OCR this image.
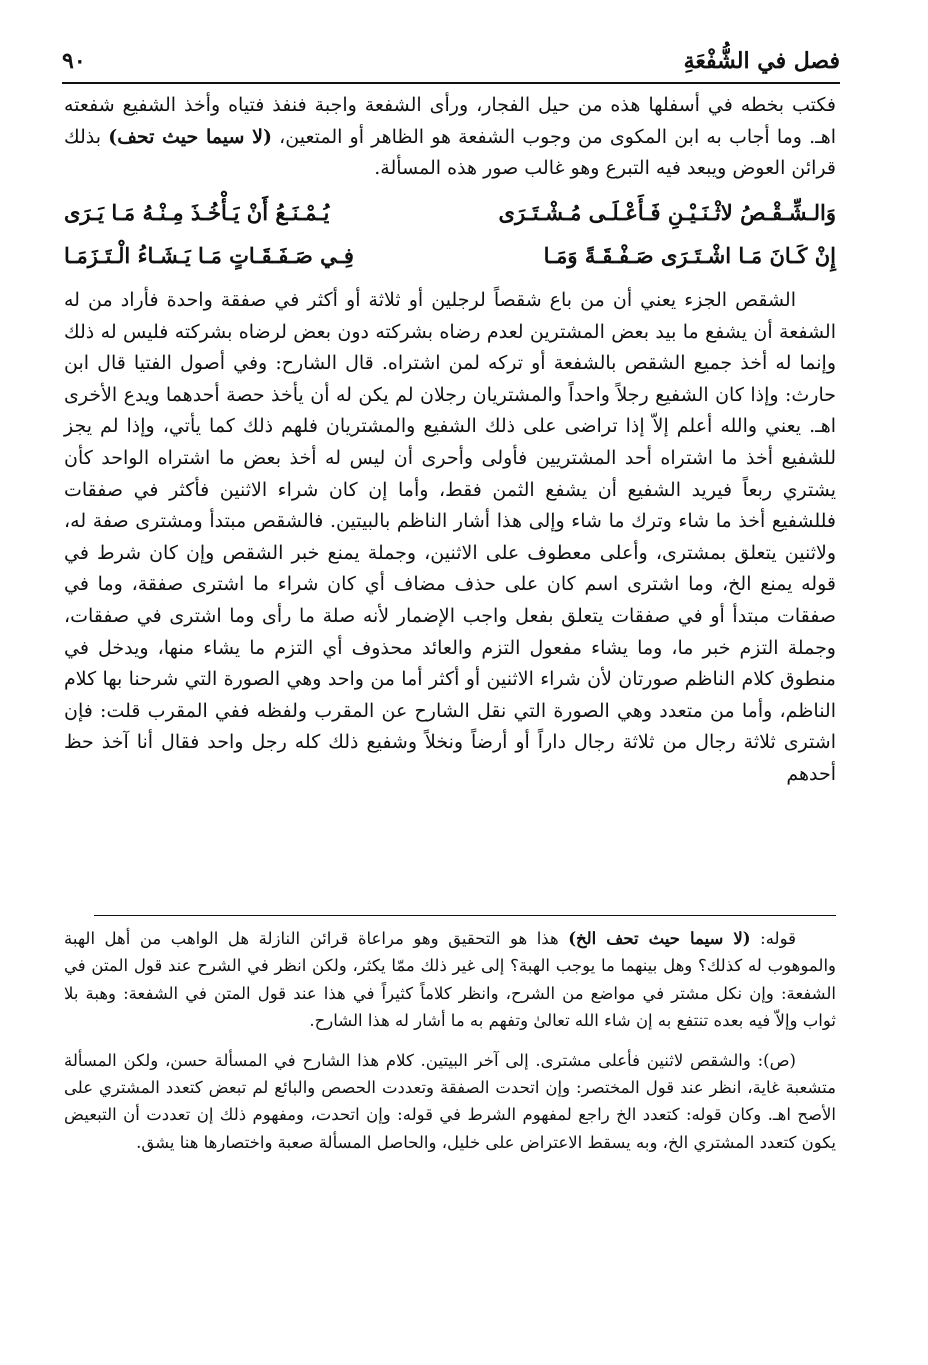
فصل في الشُّفْعَةِ
٩٠

فكتب بخطه في أسفلها هذه من حيل الفجار، ورأى الشفعة واجبة فنفذ فتياه وأخذ الشفيع شفعته اهـ. وما أجاب به ابن المكوى من وجوب الشفعة هو الظاهر أو المتعين، (لا سيما حيث تحف) بذلك قرائن العوض ويبعد فيه التبرع وهو غالب صور هذه المسألة.

وَالـشِّـقْـصُ لاثْـنَـيْـنِ فَـأَعْـلَـى مُـشْـتَـرَى
يُـمْـنَـعُ أَنْ يَـأْخُـذَ مِـنْـهُ مَـا يَـرَى
إِنْ كَـانَ مَـا اشْـتَـرَى صَـفْـقَـةً وَمَـا
فِـي صَـفَـقَـاتٍ مَـا يَـشَـاءُ الْـتَـزَمَـا

الشقص الجزء يعني أن من باع شقصاً لرجلين أو ثلاثة أو أكثر في صفقة واحدة فأراد من له الشفعة أن يشفع ما بيد بعض المشترين لعدم رضاه بشركته دون بعض لرضاه بشركته فليس له ذلك وإنما له أخذ جميع الشقص بالشفعة أو تركه لمن اشتراه. قال الشارح: وفي أصول الفتيا قال ابن حارث: وإذا كان الشفيع رجلاً واحداً والمشتريان رجلان لم يكن له أن يأخذ حصة أحدهما ويدع الأخرى اهـ. يعني والله أعلم إلاّ إذا تراضى على ذلك الشفيع والمشتريان فلهم ذلك كما يأتي، وإذا لم يجز للشفيع أخذ ما اشتراه أحد المشتريين فأولى وأحرى أن ليس له أخذ بعض ما اشتراه الواحد كأن يشتري ربعاً فيريد الشفيع أن يشفع الثمن فقط، وأما إن كان شراء الاثنين فأكثر في صفقات فللشفيع أخذ ما شاء وترك ما شاء وإلى هذا أشار الناظم بالبيتين. فالشقص مبتدأ ومشترى صفة له، ولاثنين يتعلق بمشترى، وأعلى معطوف على الاثنين، وجملة يمنع خبر الشقص وإن كان شرط في قوله يمنع الخ، وما اشترى اسم كان على حذف مضاف أي كان شراء ما اشترى صفقة، وما في صفقات مبتدأ أو في صفقات يتعلق بفعل واجب الإضمار لأنه صلة ما رأى وما اشترى في صفقات، وجملة التزم خبر ما، وما يشاء مفعول التزم والعائد محذوف أي التزم ما يشاء منها، ويدخل في منطوق كلام الناظم صورتان لأن شراء الاثنين أو أكثر أما من واحد وهي الصورة التي شرحنا بها كلام الناظم، وأما من متعدد وهي الصورة التي نقل الشارح عن المقرب ولفظه ففي المقرب قلت: فإن اشترى ثلاثة رجال من ثلاثة رجال داراً أو أرضاً ونخلاً وشفيع ذلك كله رجل واحد فقال أنا آخذ حظ أحدهم

قوله: (لا سيما حيث تحف الخ) هذا هو التحقيق وهو مراعاة قرائن النازلة هل الواهب من أهل الهبة والموهوب له كذلك؟ وهل بينهما ما يوجب الهبة؟ إلى غير ذلك ممّا يكثر، ولكن انظر في الشرح عند قول المتن في الشفعة: وإن نكل مشتر في مواضع من الشرح، وانظر كلاماً كثيراً في هذا عند قول المتن في الشفعة: وهبة بلا ثواب وإلاّ فيه بعده تنتفع به إن شاء الله تعالىٰ وتفهم به ما أشار له هذا الشارح.

(ص): والشقص لاثنين فأعلى مشترى. إلى آخر البيتين. كلام هذا الشارح في المسألة حسن، ولكن المسألة متشعبة غاية، انظر عند قول المختصر: وإن اتحدت الصفقة وتعددت الحصص والبائع لم تبعض كتعدد المشتري على الأصح اهـ. وكان قوله: كتعدد الخ راجع لمفهوم الشرط في قوله: وإن اتحدت، ومفهوم ذلك إن تعددت أن التبعيض يكون كتعدد المشتري الخ، وبه يسقط الاعتراض على خليل، والحاصل المسألة صعبة واختصارها هنا يشق.
